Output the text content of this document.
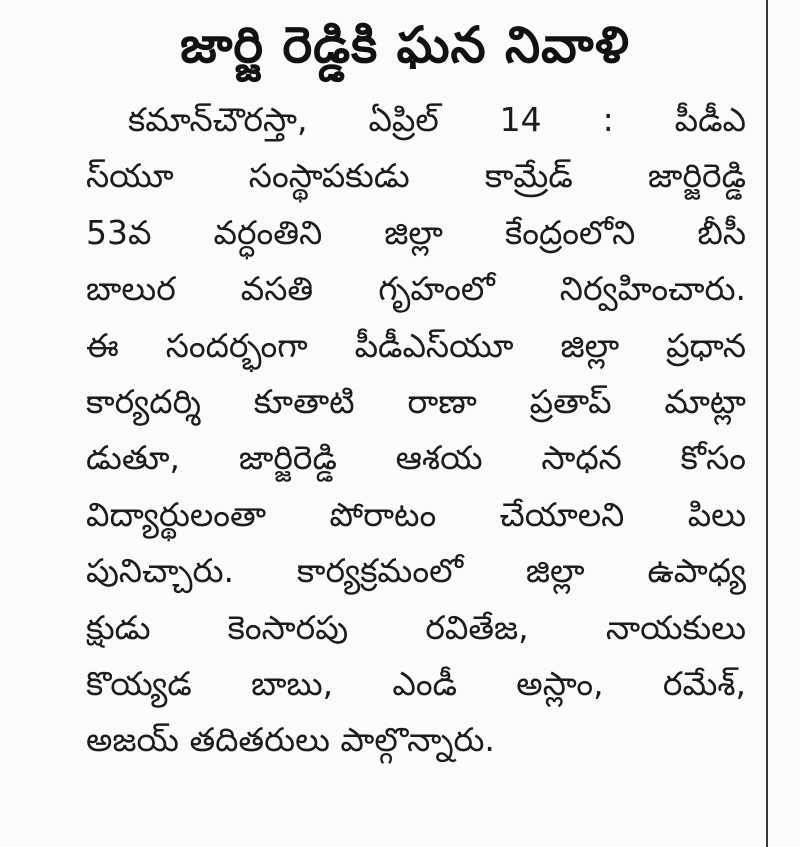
జార్జి రెడ్డికి ఘన నివాళి
కమాన్‌చౌరస్తా, ఏప్రిల్‌ 14 : పీడీఎ
స్‌యూ సంస్థాపకుడు కామ్రేడ్‌ జార్జిరెడ్డి
53వ వర్ధంతిని జిల్లా కేంద్రంలోని బీసీ
బాలుర వసతి గృహంలో నిర్వహించారు.
ఈ సందర్భంగా పీడీఎస్‌యూ జిల్లా ప్రధాన
కార్యదర్శి కూతాటి రాణా ప్రతాప్‌ మాట్లా
డుతూ, జార్జిరెడ్డి ఆశయ సాధన కోసం
విద్యార్థులంతా పోరాటం చేయాలని పిలు
పునిచ్చారు. కార్యక్రమంలో జిల్లా ఉపాధ్య
క్షుడు కెంసారపు రవితేజ, నాయకులు
కొయ్యడ బాబు, ఎండీ అస్లాం, రమేశ్‌,
అజయ్‌ తదితరులు పాల్గొన్నారు.
